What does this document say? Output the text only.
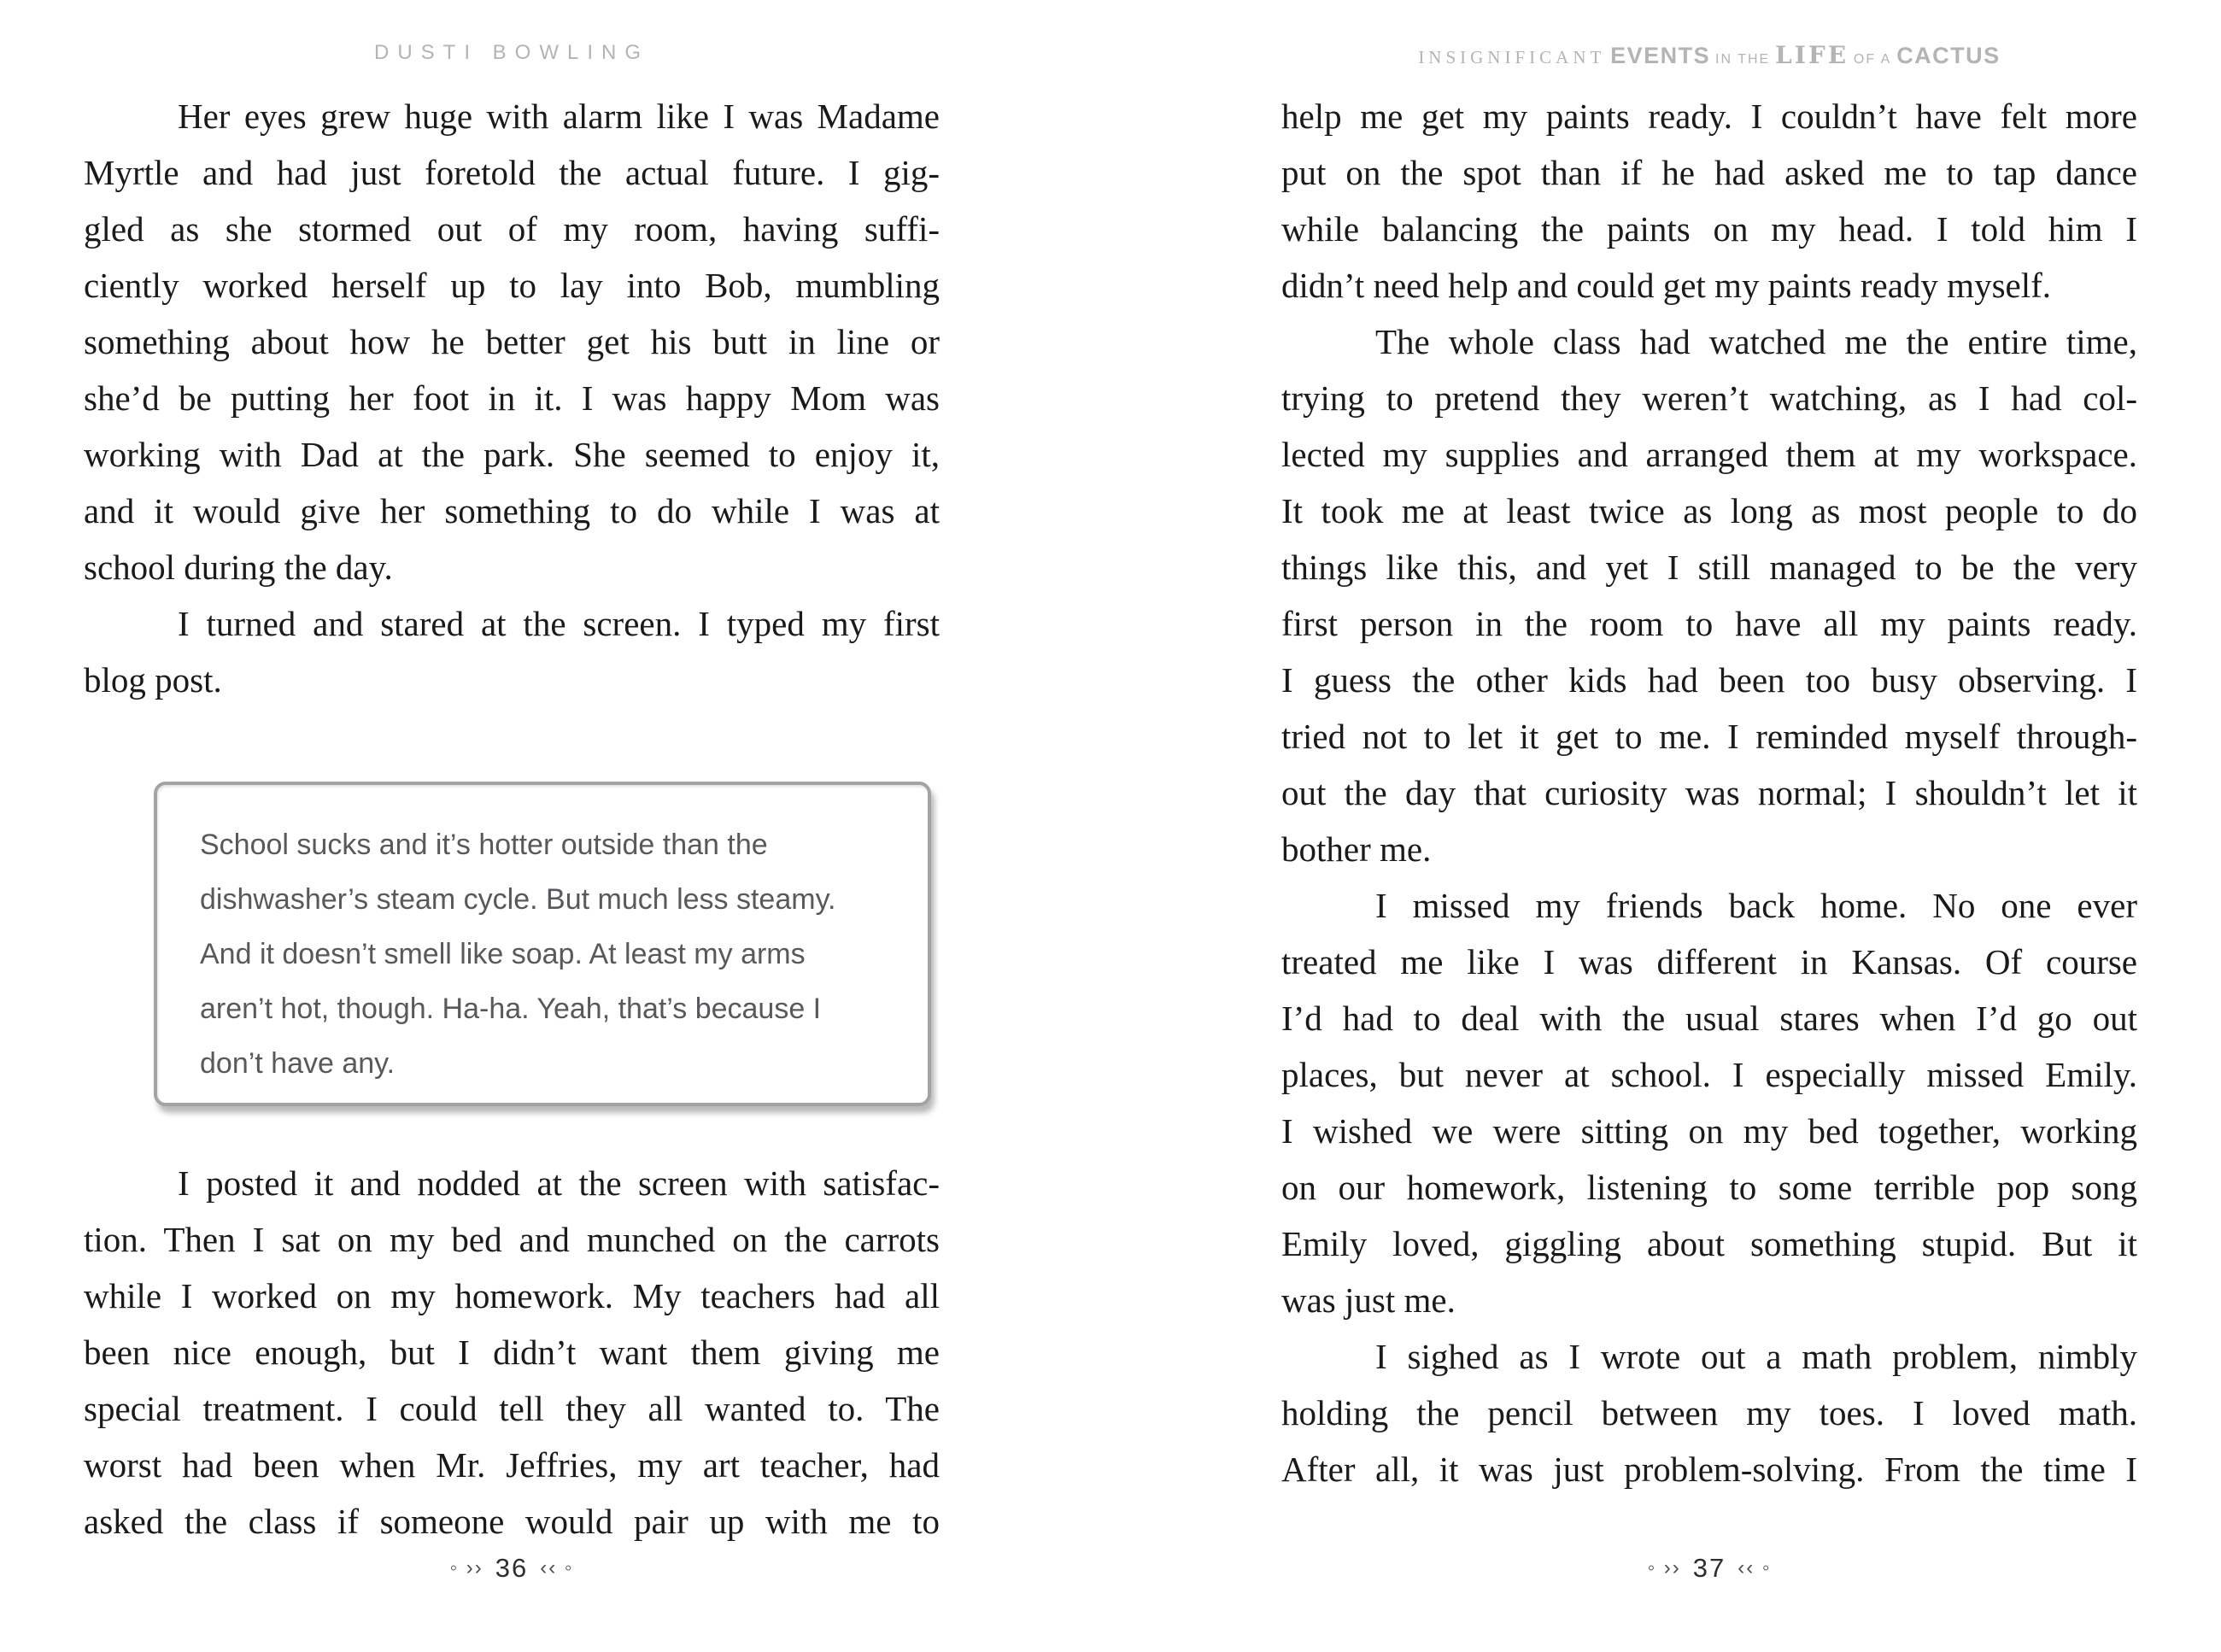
DUSTI BOWLING	INSIGNIFICANT EVENTS IN THE LIFE OF A CACTUS
Her eyes grew huge with alarm like I was Madame
Myrtle and had just foretold the actual future. I gig-
gled as she stormed out of my room, having suffi-
ciently worked herself up to lay into Bob, mumbling
something about how he better get his butt in line or
she’d be putting her foot in it. I was happy Mom was
working with Dad at the park. She seemed to enjoy it,
and it would give her something to do while I was at
school during the day.
I turned and stared at the screen. I typed my first
blog post.
School sucks and it’s hotter outside than the
dishwasher’s steam cycle. But much less steamy.
And it doesn’t smell like soap. At least my arms
aren’t hot, though. Ha-ha. Yeah, that’s because I
don’t have any.
I posted it and nodded at the screen with satisfac-
tion. Then I sat on my bed and munched on the carrots
while I worked on my homework. My teachers had all
been nice enough, but I didn’t want them giving me
special treatment. I could tell they all wanted to. The
worst had been when Mr. Jeffries, my art teacher, had
asked the class if someone would pair up with me to
help me get my paints ready. I couldn’t have felt more
put on the spot than if he had asked me to tap dance
while balancing the paints on my head. I told him I
didn’t need help and could get my paints ready myself.
The whole class had watched me the entire time,
trying to pretend they weren’t watching, as I had col-
lected my supplies and arranged them at my workspace.
It took me at least twice as long as most people to do
things like this, and yet I still managed to be the very
first person in the room to have all my paints ready.
I guess the other kids had been too busy observing. I
tried not to let it get to me. I reminded myself through-
out the day that curiosity was normal; I shouldn’t let it
bother me.
I missed my friends back home. No one ever
treated me like I was different in Kansas. Of course
I’d had to deal with the usual stares when I’d go out
places, but never at school. I especially missed Emily.
I wished we were sitting on my bed together, working
on our homework, listening to some terrible pop song
Emily loved, giggling about something stupid. But it
was just me.
I sighed as I wrote out a math problem, nimbly
holding the pencil between my toes. I loved math.
After all, it was just problem-solving. From the time I
◦ ›› 36 ‹‹ ◦	◦ ›› 37 ‹‹ ◦
